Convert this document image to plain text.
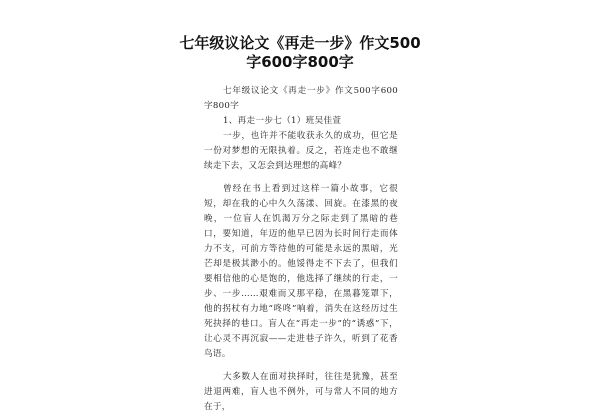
七年级议论文《再走一步》作文500
字600字800字

七年级议论文《再走一步》作文500字600字800字

1、再走一步七（1）班吴佳萱

一步，也许并不能收获永久的成功，但它是一份对梦想的无限执着。反之，若连走也不敢继续走下去，又怎会到达理想的高峰？

曾经在书上看到过这样一篇小故事，它很短，却在我的心中久久荡漾、回旋。在漆黑的夜晚，一位盲人在饥渴万分之际走到了黑暗的巷口，要知道，年迈的他早已因为长时间行走而体力不支，可前方等待他的可能是永远的黑暗，光芒却是极其渺小的。他馁得走不下去了，但我们要相信他的心是饱的，他选择了继续的行走，一步、一步……艰难而又那平稳，在黑暮笼罩下，他的拐杖有力地“咚咚”响着，消失在这经历过生死抉择的巷口。盲人在“再走一步”的“诱惑”下，让心灵不再沉寂——走进巷子许久，听到了花香鸟语。

大多数人在面对抉择时，往往是犹豫，甚至进退两难，盲人也不例外，可与常人不同的地方在于，
